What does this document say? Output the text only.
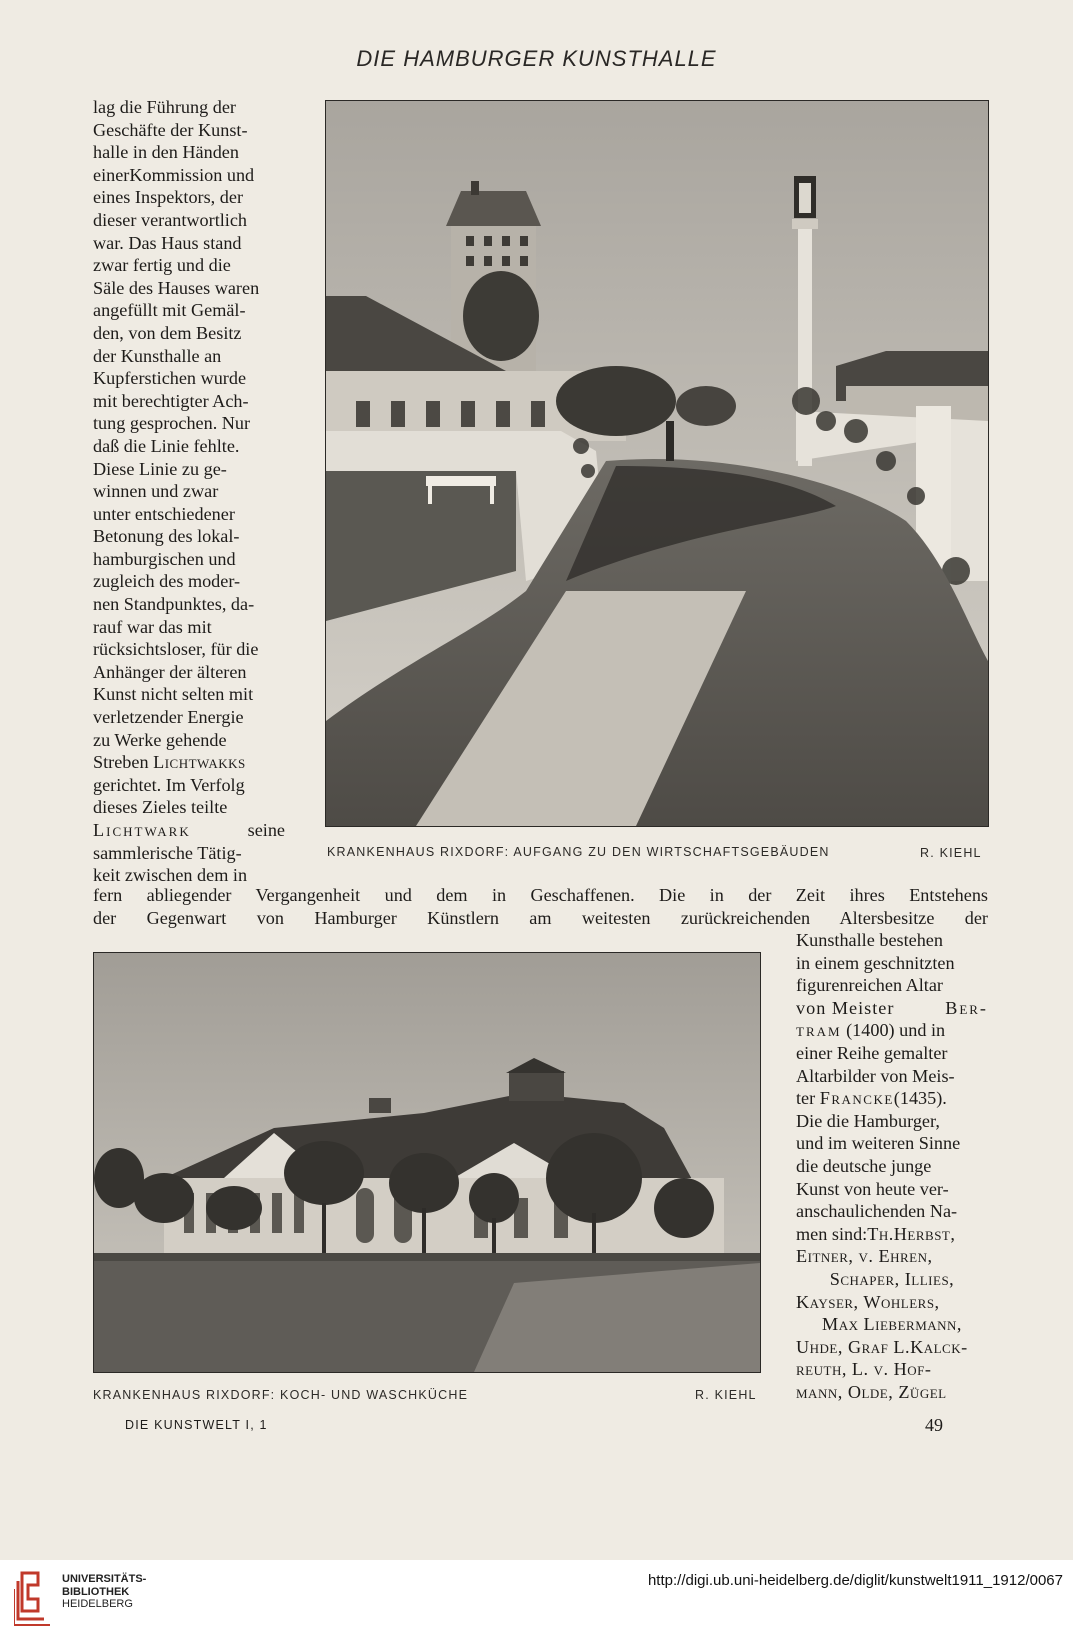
DIE HAMBURGER KUNSTHALLE

lag die Führung der

Geschäfte der Kunst-

halle in den Händen

einerKommission und

eines Inspektors, der

dieser verantwortlich

war. Das Haus stand

zwar fertig und die

Säle des Hauses waren

angefüllt mit Gemäl-

den, von dem Besitz

der Kunsthalle an

Kupferstichen wurde

mit berechtigter Ach-

tung gesprochen. Nur

daß die Linie fehlte.

Diese Linie zu ge-

winnen und zwar

unter entschiedener

Betonung des lokal-

hamburgischen und

zugleich des moder-

nen Standpunktes, da-

rauf war das mit

rücksichtsloser, für die

Anhänger der älteren

Kunst nicht selten mit

verletzender Energie

zu Werke gehende

Streben Lichtwakks

gerichtet. Im Verfolg

dieses Zieles teilte

Lichtwark	seine

sammlerische Tätig-

keit zwischen dem in

KRANKENHAUS RIXDORF: AUFGANG ZU DEN WIRTSCHAFTSGEBÄUDEN	R. KIEHL

fern abliegender Vergangenheit und dem in Geschaffenen. Die in der Zeit ihres Entstehens

der Gegenwart von Hamburger Künstlern am weitesten zurückreichenden Altersbesitze der

KRANKENHAUS RIXDORF: KOCH- UND WASCHKÜCHE	R. KIEHL

Kunsthalle bestehen

in einem geschnitzten

figurenreichen Altar

von Meister	Ber-

tram (1400) und in

einer Reihe gemalter

Altarbilder von Meis-

ter Francke(1435).

Die die Hamburger,

und im weiteren Sinne

die deutsche junge

Kunst von heute ver-

anschaulichenden Na-

men sind:Th.Herbst,

Eitner, v. Ehren,

Schaper, Illies,

Kayser, Wohlers,

Max Liebermann,

Uhde, Graf L.Kalck-

reuth, L. v. Hof-

mann, Olde, Zügel

DIE KUNSTWELT I, 1	49
UNIVERSITÄTS-
BIBLIOTHEK
HEIDELBERG
http://digi.ub.uni-heidelberg.de/diglit/kunstwelt1911_1912/0067
